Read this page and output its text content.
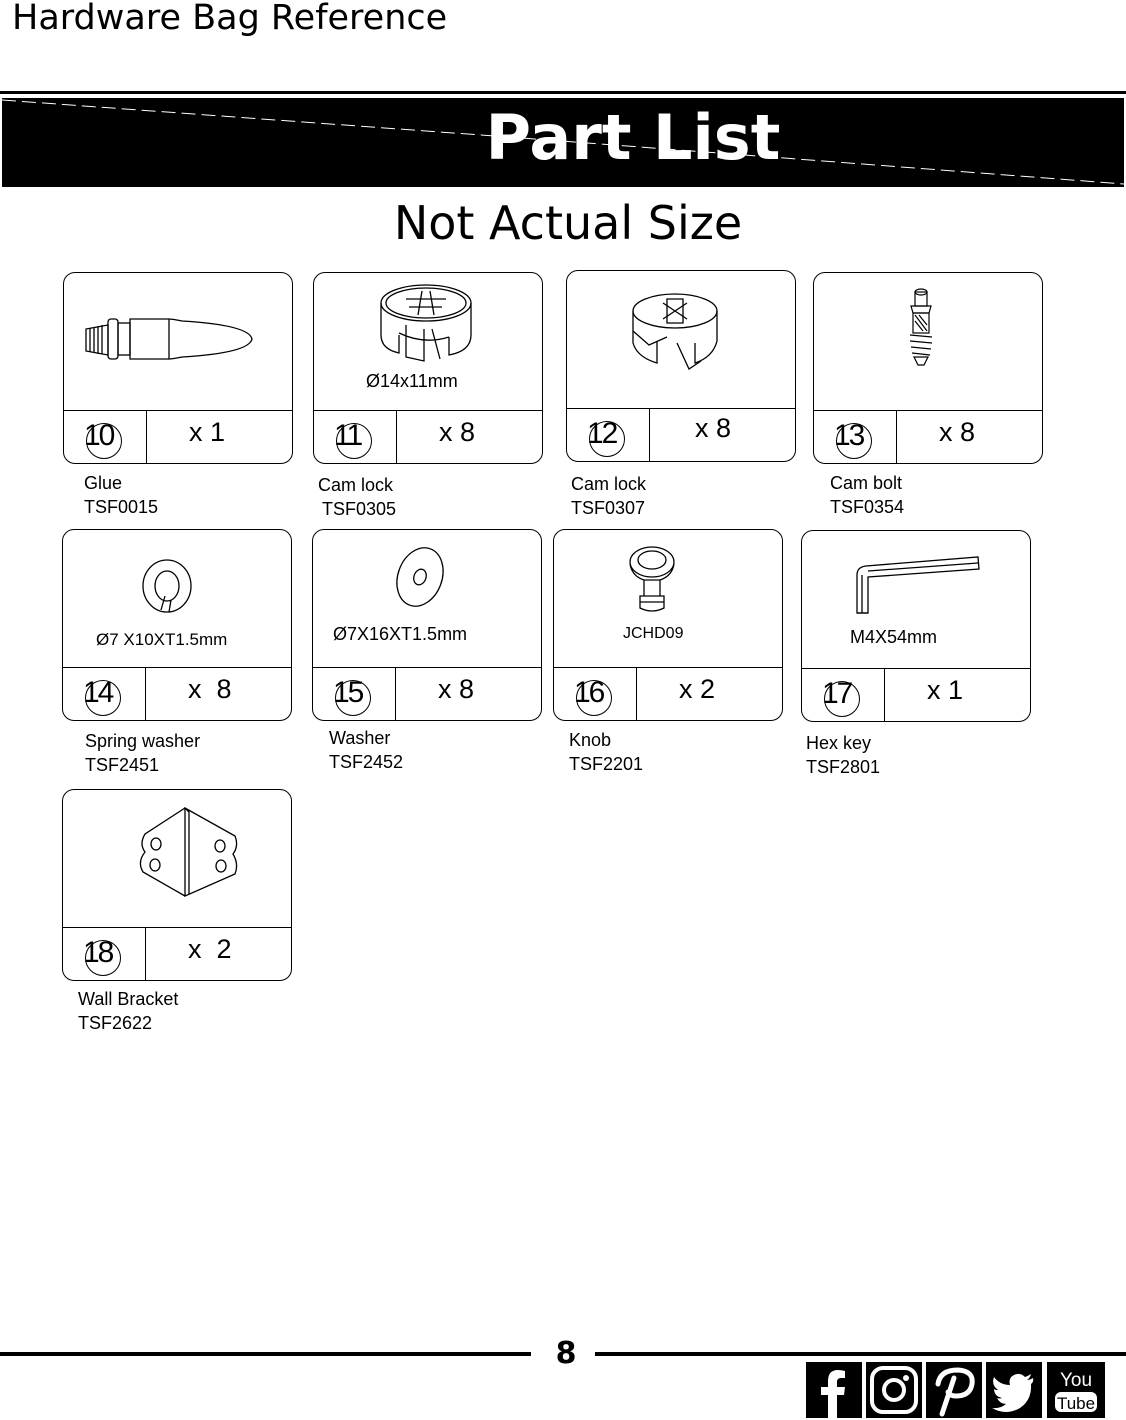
Hardware Bag Reference
Part List
Not Actual Size
10	x 1
Glue
TSF0015
Ø14x11mm
11	x 8
Cam lock
TSF0305
12	x 8
Cam lock
TSF0307
13	x 8
Cam bolt
TSF0354
Ø7 X10XT1.5mm
14	x  8
Spring washer
TSF2451
Ø7X16XT1.5mm
15	x 8
Washer
TSF2452
JCHD09
16	x 2
Knob
TSF2201
M4X54mm
17	x 1
Hex key
TSF2801
18	x  2
Wall Bracket
TSF2622
8
You
Tube
